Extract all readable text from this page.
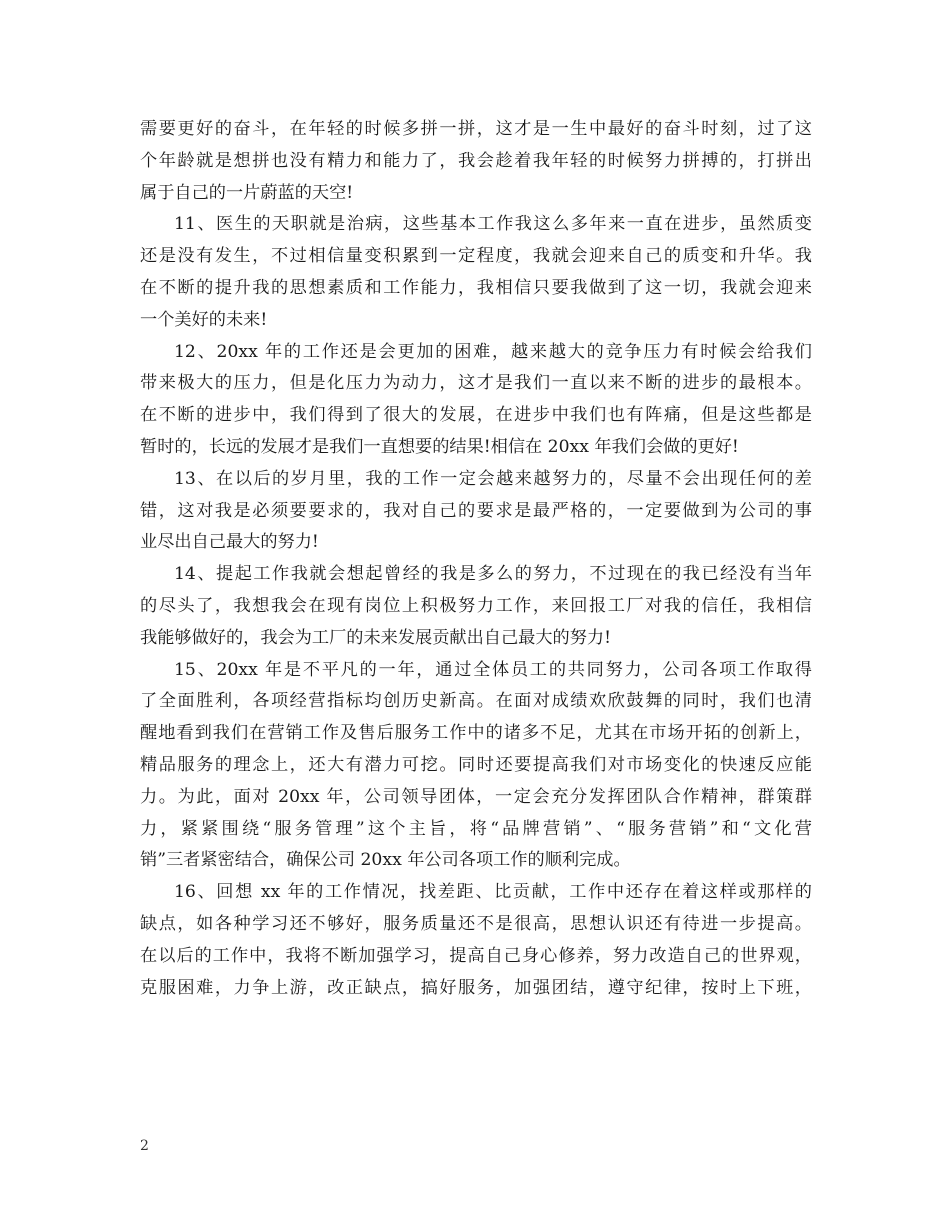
需要更好的奋斗，在年轻的时候多拼一拼，这才是一生中最好的奋斗时刻，过了这
个年龄就是想拼也没有精力和能力了，我会趁着我年轻的时候努力拼搏的，打拼出
属于自己的一片蔚蓝的天空!
11、医生的天职就是治病，这些基本工作我这么多年来一直在进步，虽然质变
还是没有发生，不过相信量变积累到一定程度，我就会迎来自己的质变和升华。我
在不断的提升我的思想素质和工作能力，我相信只要我做到了这一切，我就会迎来
一个美好的未来!
12、20xx 年的工作还是会更加的困难，越来越大的竞争压力有时候会给我们
带来极大的压力，但是化压力为动力，这才是我们一直以来不断的进步的最根本。
在不断的进步中，我们得到了很大的发展，在进步中我们也有阵痛，但是这些都是
暂时的，长远的发展才是我们一直想要的结果!相信在 20xx 年我们会做的更好!
13、在以后的岁月里，我的工作一定会越来越努力的，尽量不会出现任何的差
错，这对我是必须要要求的，我对自己的要求是最严格的，一定要做到为公司的事
业尽出自己最大的努力!
14、提起工作我就会想起曾经的我是多么的努力，不过现在的我已经没有当年
的尽头了，我想我会在现有岗位上积极努力工作，来回报工厂对我的信任，我相信
我能够做好的，我会为工厂的未来发展贡献出自己最大的努力!
15、20xx 年是不平凡的一年，通过全体员工的共同努力，公司各项工作取得
了全面胜利，各项经营指标均创历史新高。在面对成绩欢欣鼓舞的同时，我们也清
醒地看到我们在营销工作及售后服务工作中的诸多不足，尤其在市场开拓的创新上，
精品服务的理念上，还大有潜力可挖。同时还要提高我们对市场变化的快速反应能
力。为此，面对 20xx 年，公司领导团体，一定会充分发挥团队合作精神，群策群
力，紧紧围绕“服务管理”这个主旨，将“品牌营销”、“服务营销”和“文化营
销”三者紧密结合，确保公司 20xx 年公司各项工作的顺利完成。
16、回想 xx 年的工作情况，找差距、比贡献，工作中还存在着这样或那样的
缺点，如各种学习还不够好，服务质量还不是很高，思想认识还有待进一步提高。
在以后的工作中，我将不断加强学习，提高自己身心修养，努力改造自己的世界观，
克服困难，力争上游，改正缺点，搞好服务，加强团结，遵守纪律，按时上下班，
2
